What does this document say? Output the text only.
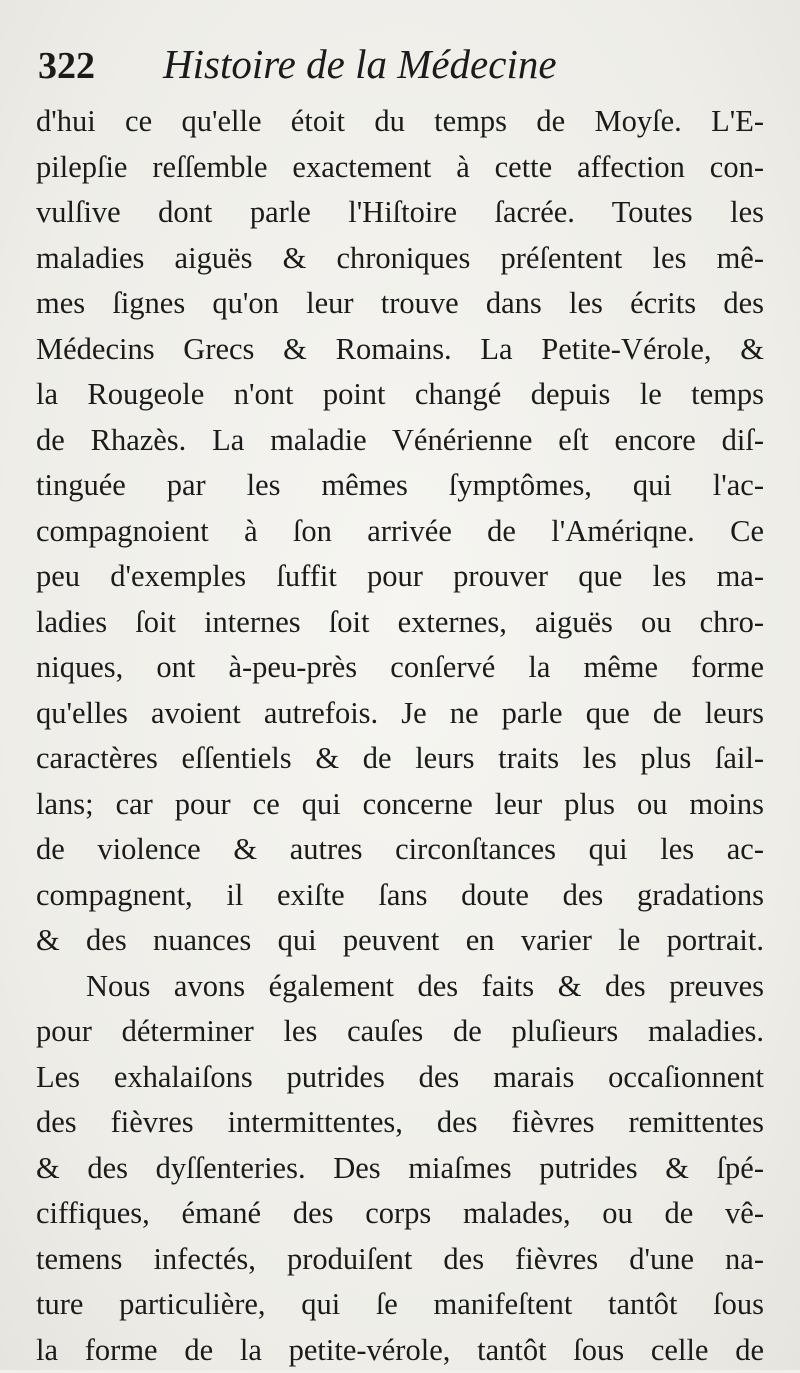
322 Histoire de la Médecine
d'hui ce qu'elle étoit du temps de Moyſe. L'E-
pilepſie reſſemble exactement à cette affection con-
vulſive dont parle l'Hiſtoire ſacrée. Toutes les
maladies aiguës & chroniques préſentent les mê-
mes ſignes qu'on leur trouve dans les écrits des
Médecins Grecs & Romains. La Petite-Vérole, &
la Rougeole n'ont point changé depuis le temps
de Rhazès. La maladie Vénérienne eſt encore diſ-
tinguée par les mêmes ſymptômes, qui l'ac-
compagnoient à ſon arrivée de l'Amériqne. Ce
peu d'exemples ſuffit pour prouver que les ma-
ladies ſoit internes ſoit externes, aiguës ou chro-
niques, ont à-peu-près conſervé la même forme
qu'elles avoient autrefois. Je ne parle que de leurs
caractères eſſentiels & de leurs traits les plus ſail-
lans; car pour ce qui concerne leur plus ou moins
de violence & autres circonſtances qui les ac-
compagnent, il exiſte ſans doute des gradations
& des nuances qui peuvent en varier le portrait.
Nous avons également des faits & des preuves
pour déterminer les cauſes de pluſieurs maladies.
Les exhalaiſons putrides des marais occaſionnent
des fièvres intermittentes, des fièvres remittentes
& des dyſſenteries. Des miaſmes putrides & ſpé-
ciffiques, émané des corps malades, ou de vê-
temens infectés, produiſent des fièvres d'une na-
ture particulière, qui ſe manifeſtent tantôt ſous
la forme de la petite-vérole, tantôt ſous celle de
